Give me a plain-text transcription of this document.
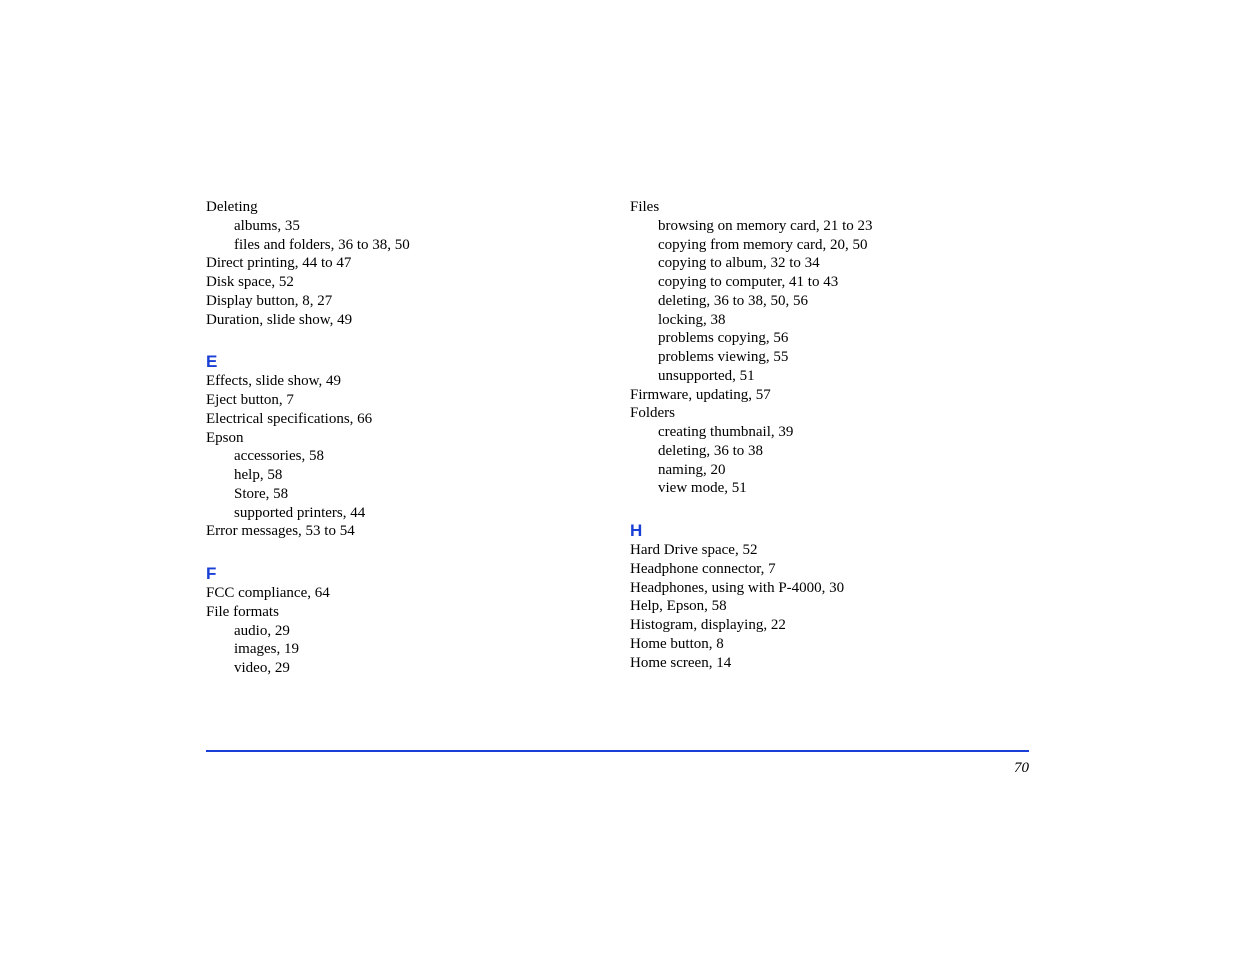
Deleting
albums, 35
files and folders, 36 to 38, 50
Direct printing, 44 to 47
Disk space, 52
Display button, 8, 27
Duration, slide show, 49
E
Effects, slide show, 49
Eject button, 7
Electrical specifications, 66
Epson
accessories, 58
help, 58
Store, 58
supported printers, 44
Error messages, 53 to 54
F
FCC compliance, 64
File formats
audio, 29
images, 19
video, 29
Files
browsing on memory card, 21 to 23
copying from memory card, 20, 50
copying to album, 32 to 34
copying to computer, 41 to 43
deleting, 36 to 38, 50, 56
locking, 38
problems copying, 56
problems viewing, 55
unsupported, 51
Firmware, updating, 57
Folders
creating thumbnail, 39
deleting, 36 to 38
naming, 20
view mode, 51
H
Hard Drive space, 52
Headphone connector, 7
Headphones, using with P-4000, 30
Help, Epson, 58
Histogram, displaying, 22
Home button, 8
Home screen, 14
70
